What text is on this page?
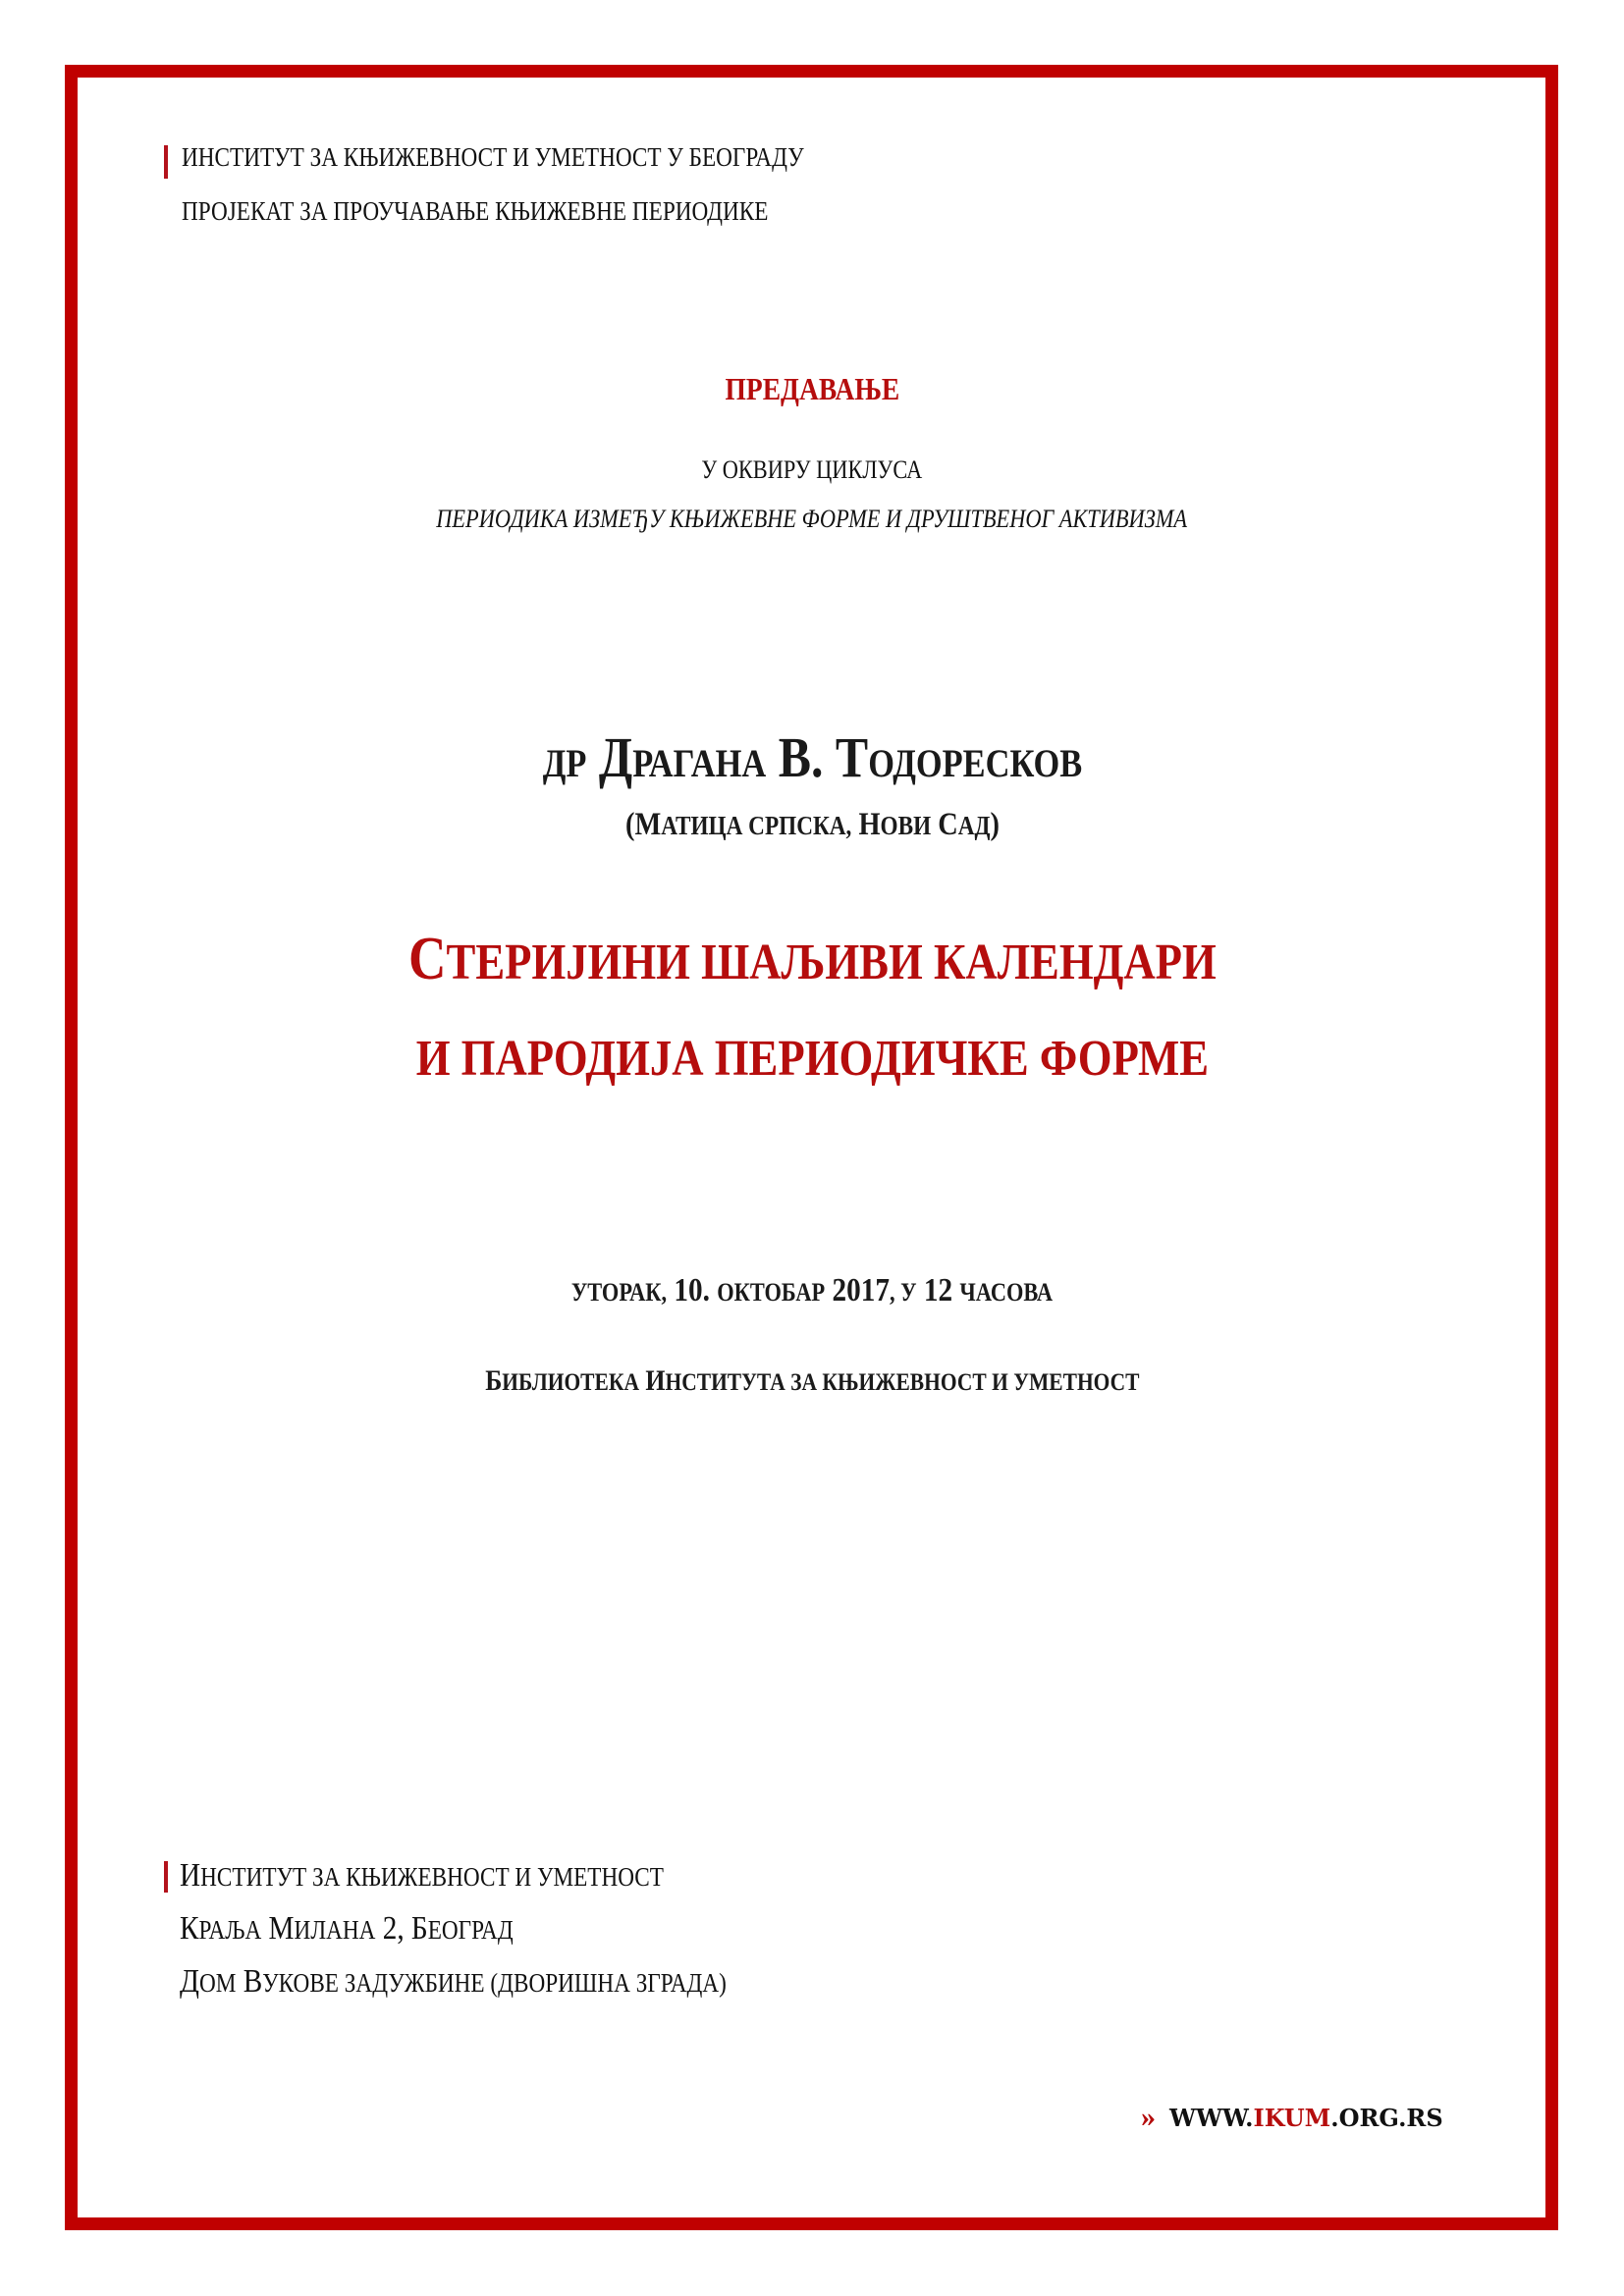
ИНСТИТУТ ЗА КЊИЖЕВНОСТ И УМЕТНОСТ У БЕОГРАДУ
ПРОЈЕКАТ ЗА ПРОУЧАВАЊЕ КЊИЖЕВНЕ ПЕРИОДИКЕ
ПРЕДАВАЊЕ
У ОКВИРУ ЦИКЛУСА
ПЕРИОДИКА ИЗМЕЂУ КЊИЖЕВНЕ ФОРМЕ И ДРУШТВЕНОГ АКТИВИЗМА
ДР ДРАГАНА В. ТОДОРЕСКОВ
(МАТИЦА СРПСКА, НОВИ САД)
СТЕРИЈИНИ ШАЉИВИ КАЛЕНДАРИ
И ПАРОДИЈА ПЕРИОДИЧКЕ ФОРМЕ
УТОРАК, 10. ОКТОБАР 2017, У 12 ЧАСОВА
БИБЛИОТЕКА ИНСТИТУТА ЗА КЊИЖЕВНОСТ И УМЕТНОСТ
ИНСТИТУТ ЗА КЊИЖЕВНОСТ И УМЕТНОСТ
КРАЉА МИЛАНА 2, БЕОГРАД
ДОМ ВУКОВЕ ЗАДУЖБИНЕ (ДВОРИШНА ЗГРАДА)
» WWW.IKUM.ORG.RS
